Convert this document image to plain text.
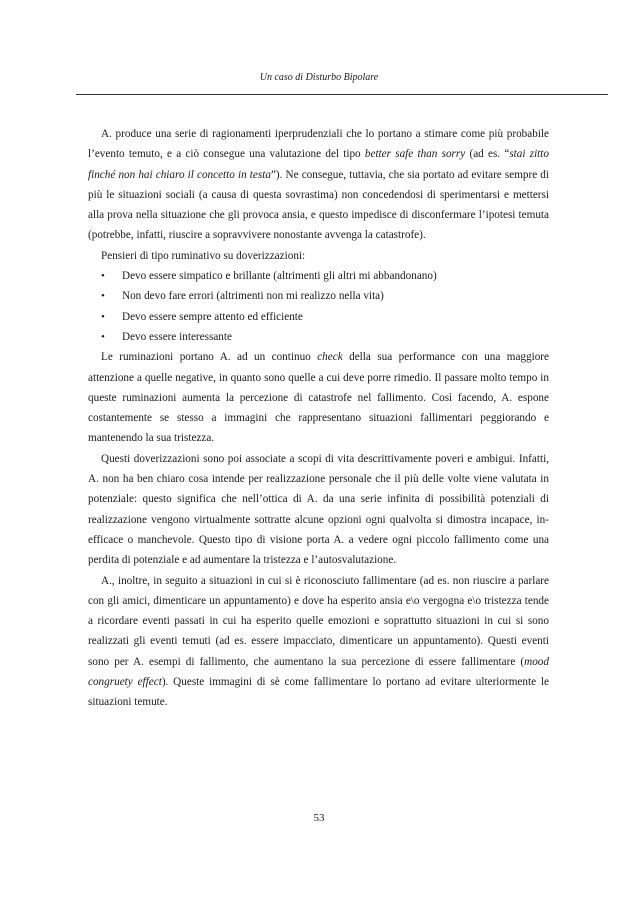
Un caso di Disturbo Bipolare

A. produce una serie di ragionamenti iperprudenziali che lo portano a stimare come più probabile l’evento temuto, e a ciò consegue una valutazione del tipo better safe than sorry (ad es. “stai zitto finché non hai chiaro il concetto in testa”). Ne consegue, tuttavia, che sia portato ad evitare sempre di più le situazioni sociali (a causa di questa sovrastima) non concedendosi di sperimentarsi e mettersi alla prova nella situazione che gli provoca ansia, e questo impedisce di disconfermare l’ipotesi temuta (potrebbe, infatti, riuscire a sopravvivere nonostante avvenga la catastrofe).

Pensieri di tipo ruminativo su doverizzazioni:

• Devo essere simpatico e brillante (altrimenti gli altri mi abbandonano)
• Non devo fare errori (altrimenti non mi realizzo nella vita)
• Devo essere sempre attento ed efficiente
• Devo essere interessante

Le ruminazioni portano A. ad un continuo check della sua performance con una maggiore attenzione a quelle negative, in quanto sono quelle a cui deve porre rimedio. Il passare molto tempo in queste ruminazioni aumenta la percezione di catastrofe nel fallimento. Così facendo, A. espone costantemente se stesso a immagini che rappresentano situazioni fallimentari peggiorando e mantenendo la sua tristezza.

Questi doverizzazioni sono poi associate a scopi di vita descrittivamente poveri e ambigui. Infatti, A. non ha ben chiaro cosa intende per realizzazione personale che il più delle volte viene valutata in potenziale: questo significa che nell’ottica di A. da una serie infinita di possibilità potenziali di realizzazione vengono virtualmente sottratte alcune opzioni ogni qualvolta si dimostra incapace, in-efficace o manchevole. Questo tipo di visione porta A. a vedere ogni piccolo fallimento come una perdita di potenziale e ad aumentare la tristezza e l’autosvalutazione.

A., inoltre, in seguito a situazioni in cui si è riconosciuto fallimentare (ad es. non riuscire a parlare con gli amici, dimenticare un appuntamento) e dove ha esperito ansia e\o vergogna e\o tristezza tende a ricordare eventi passati in cui ha esperito quelle emozioni e soprattutto situazioni in cui si sono realizzati gli eventi temuti (ad es. essere impacciato, dimenticare un appuntamento). Questi eventi sono per A. esempi di fallimento, che aumentano la sua percezione di essere fallimentare (mood congruety effect). Queste immagini di sè come fallimentare lo portano ad evitare ulteriormente le situazioni temute.

53
